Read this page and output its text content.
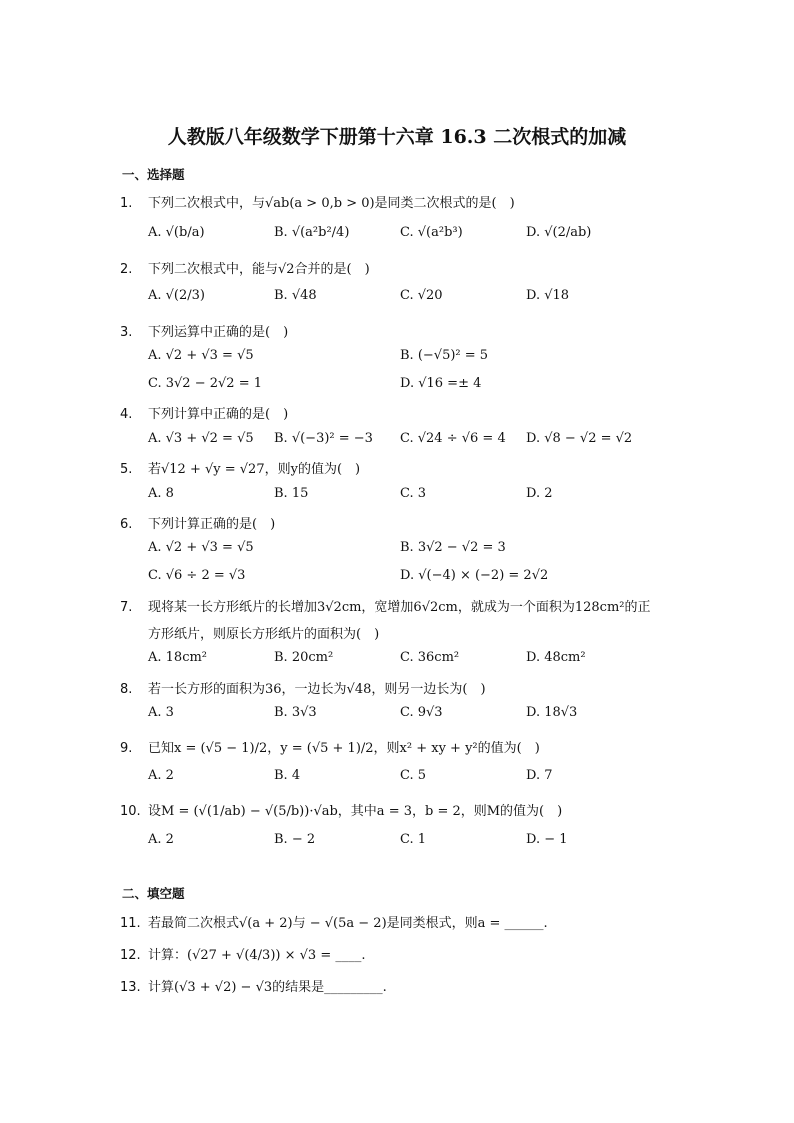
人教版八年级数学下册第十六章 16.3 二次根式的加减
一、选择题
1. 下列二次根式中，与√ab(a > 0,b > 0)是同类二次根式的是(　)
A. √(b/a)	B. √(a²b²/4)	C. √(a²b³)	D. √(2/ab)
2. 下列二次根式中，能与√2合并的是(　)
A. √(2/3)	B. √48	C. √20	D. √18
3. 下列运算中正确的是(　)
A. √2 + √3 = √5	B. (−√5)² = 5
C. 3√2 − 2√2 = 1	D. √16 =± 4
4. 下列计算中正确的是(　)
A. √3 + √2 = √5 B. √(−3)² = −3 C. √24 ÷ √6 = 4 D. √8 − √2 = √2
5. 若√12 + √y = √27，则y的值为(　)
A. 8	B. 15	C. 3	D. 2
6. 下列计算正确的是(　)
A. √2 + √3 = √5	B. 3√2 − √2 = 3
C. √6 ÷ 2 = √3	D. √(−4) × (−2) = 2√2
7. 现将某一长方形纸片的长增加3√2cm，宽增加6√2cm，就成为一个面积为128cm²的正
方形纸片，则原长方形纸片的面积为(　)
A. 18cm²	B. 20cm²	C. 36cm²	D. 48cm²
8. 若一长方形的面积为36，一边长为√48，则另一边长为(　)
A. 3	B. 3√3	C. 9√3	D. 18√3
9. 已知x = (√5 − 1)/2，y = (√5 + 1)/2，则x² + xy + y²的值为(　)
A. 2	B. 4	C. 5	D. 7
10. 设M = (√(1/ab) − √(5/b))·√ab，其中a = 3，b = 2，则M的值为(　)
A. 2	B. − 2	C. 1	D. − 1
二、填空题
11. 若最简二次根式√(a + 2)与 − √(5a − 2)是同类根式，则a = ______.
12. 计算：(√27 + √(4/3)) × √3 = ____.
13. 计算(√3 + √2) − √3的结果是_________.
